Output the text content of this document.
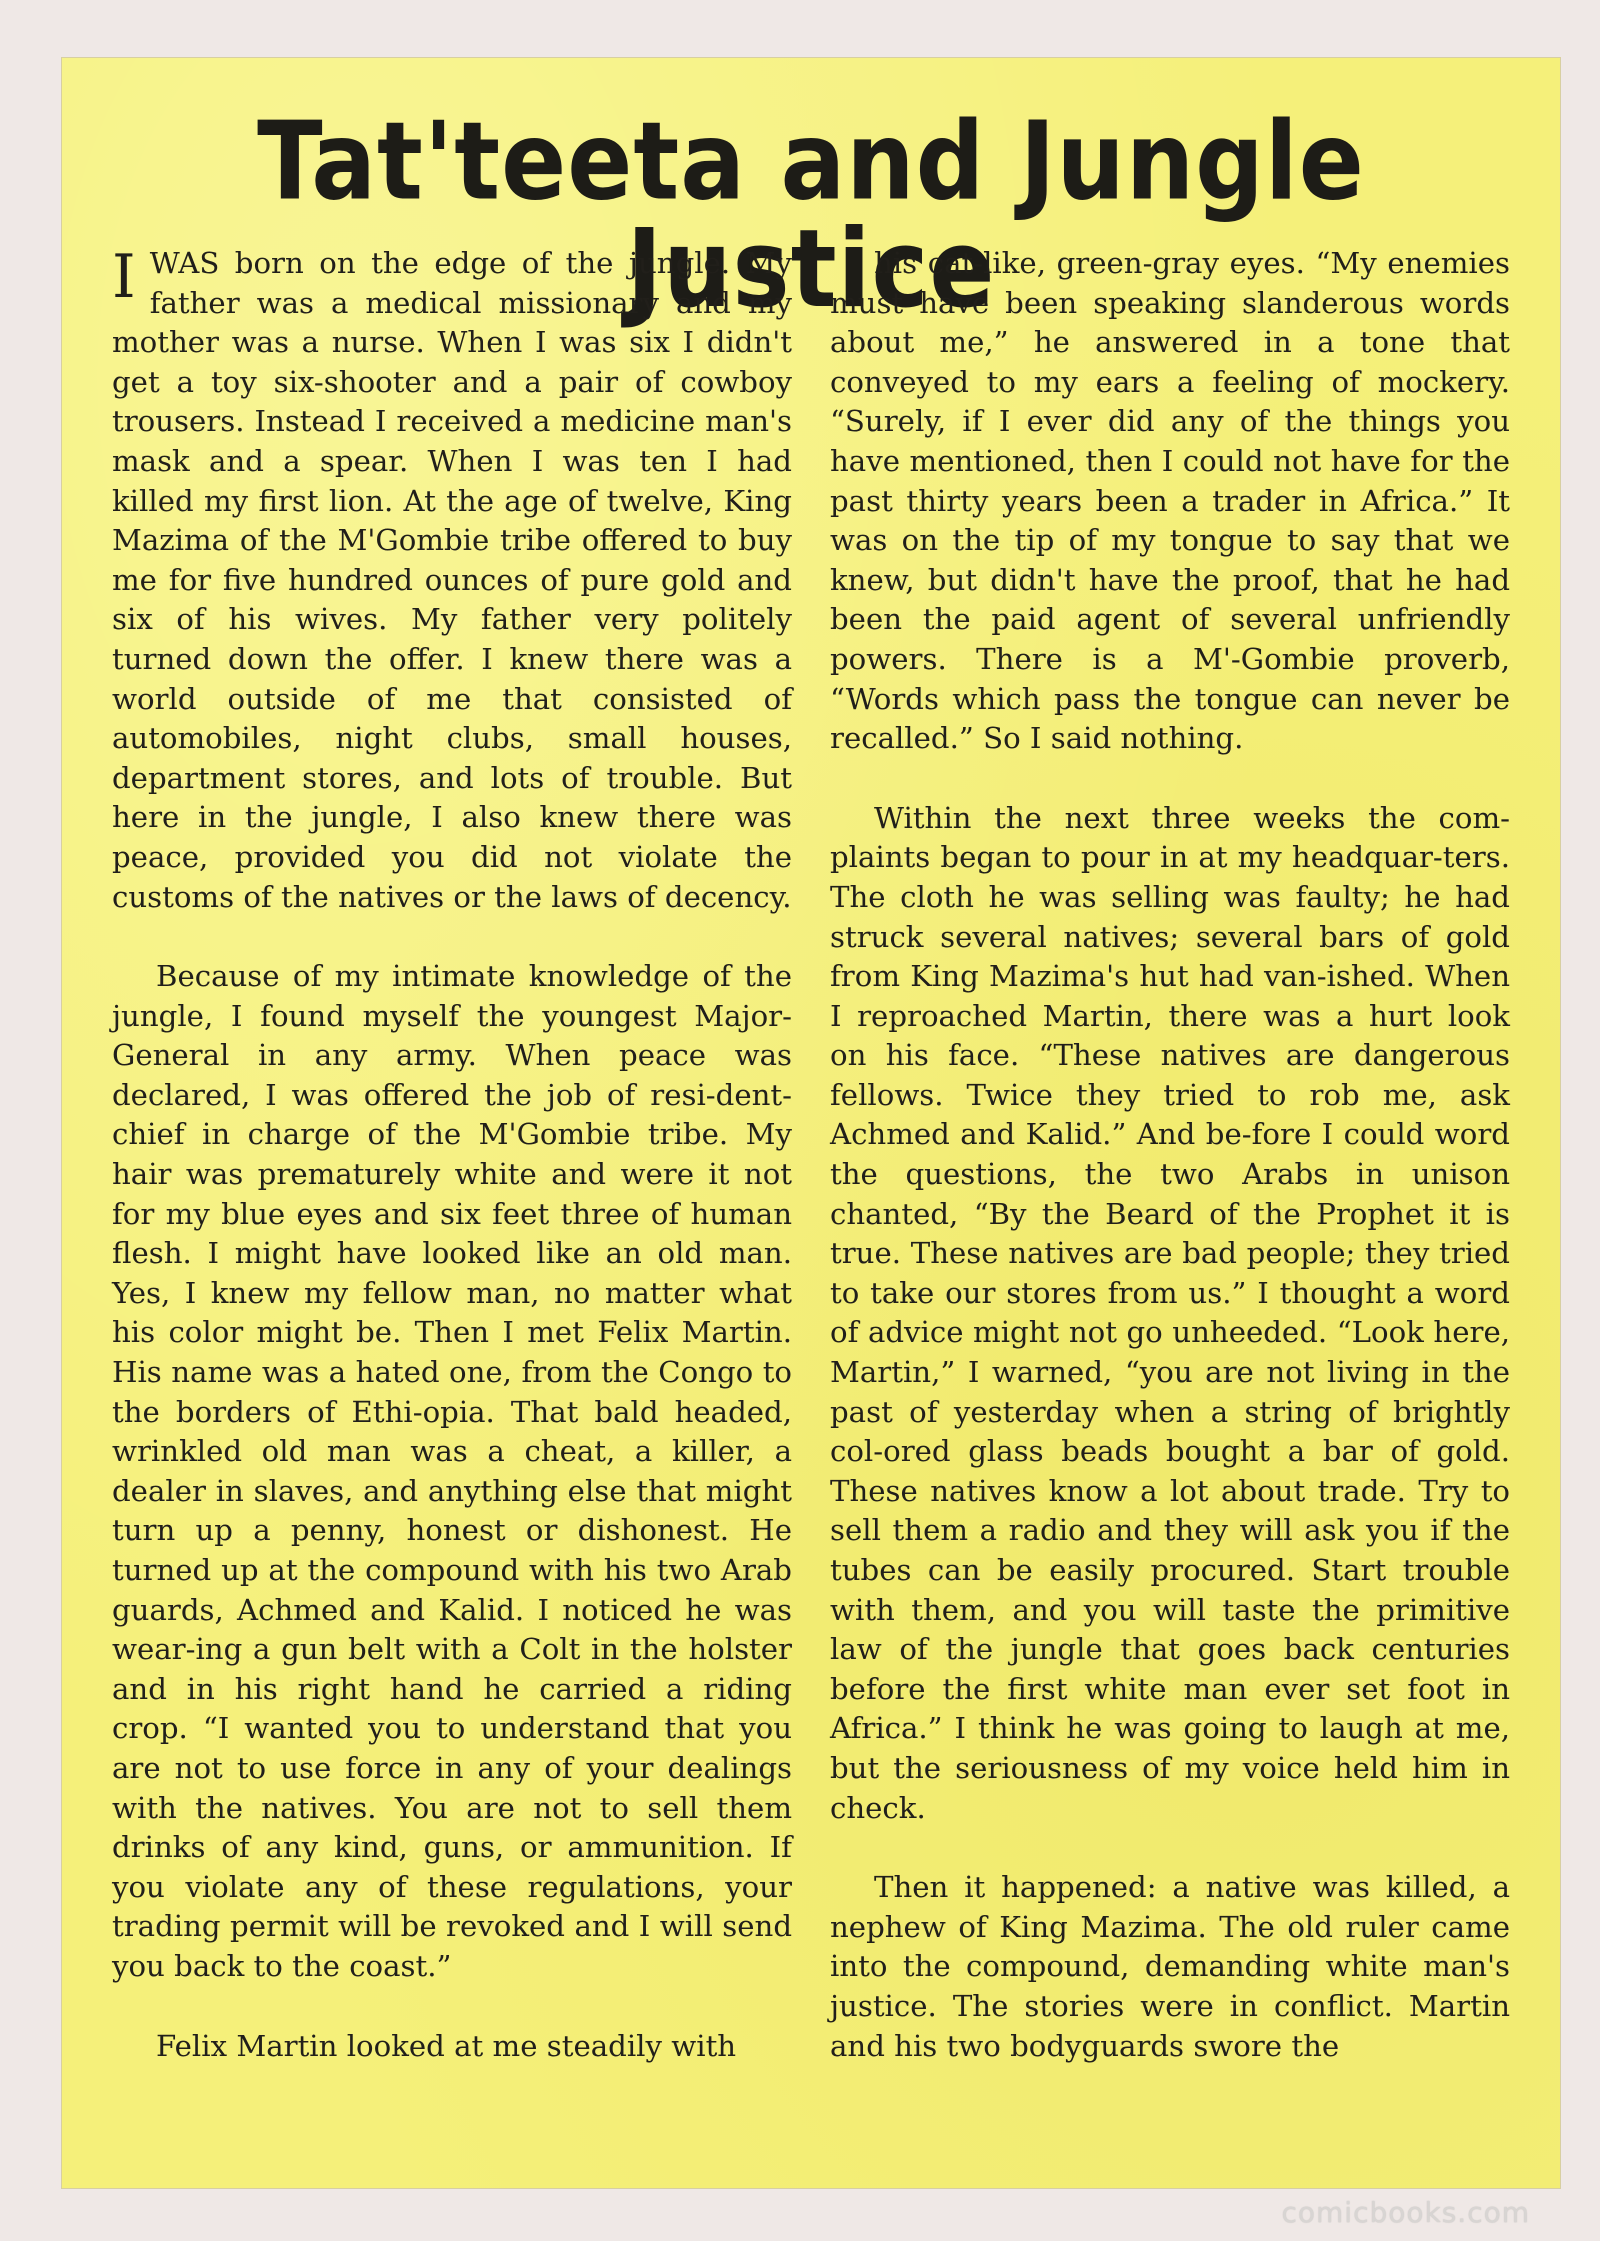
Tat'teeta and Jungle Justice

I WAS born on the edge of the jungle. My father was a medical missionary and my mother was a nurse. When I was six I didn't get a toy six-shooter and a pair of cowboy trousers. Instead I received a medicine man's mask and a spear. When I was ten I had killed my first lion. At the age of twelve, King Mazima of the M'Gombie tribe offered to buy me for five hundred ounces of pure gold and six of his wives. My father very politely turned down the offer. I knew there was a world outside of me that consisted of automobiles, night clubs, small houses, department stores, and lots of trouble. But here in the jungle, I also knew there was peace, provided you did not violate the customs of the natives or the laws of decency.

Because of my intimate knowledge of the jungle, I found myself the youngest Major-General in any army. When peace was declared, I was offered the job of resi-dent-chief in charge of the M'Gombie tribe. My hair was prematurely white and were it not for my blue eyes and six feet three of human flesh. I might have looked like an old man. Yes, I knew my fellow man, no matter what his color might be. Then I met Felix Martin. His name was a hated one, from the Congo to the borders of Ethi-opia. That bald headed, wrinkled old man was a cheat, a killer, a dealer in slaves, and anything else that might turn up a penny, honest or dishonest. He turned up at the compound with his two Arab guards, Achmed and Kalid. I noticed he was wear-ing a gun belt with a Colt in the holster and in his right hand he carried a riding crop. “I wanted you to understand that you are not to use force in any of your dealings with the natives. You are not to sell them drinks of any kind, guns, or ammunition. If you violate any of these regulations, your trading permit will be revoked and I will send you back to the coast.”

Felix Martin looked at me steadily with

his cat-like, green-gray eyes. “My enemies must have been speaking slanderous words about me,” he answered in a tone that conveyed to my ears a feeling of mockery. “Surely, if I ever did any of the things you have mentioned, then I could not have for the past thirty years been a trader in Africa.” It was on the tip of my tongue to say that we knew, but didn't have the proof, that he had been the paid agent of several unfriendly powers. There is a M'-Gombie proverb, “Words which pass the tongue can never be recalled.” So I said nothing.

Within the next three weeks the com-plaints began to pour in at my headquar-ters. The cloth he was selling was faulty; he had struck several natives; several bars of gold from King Mazima's hut had van-ished. When I reproached Martin, there was a hurt look on his face. “These natives are dangerous fellows. Twice they tried to rob me, ask Achmed and Kalid.” And be-fore I could word the questions, the two Arabs in unison chanted, “By the Beard of the Prophet it is true. These natives are bad people; they tried to take our stores from us.” I thought a word of advice might not go unheeded. “Look here, Martin,” I warned, “you are not living in the past of yesterday when a string of brightly col-ored glass beads bought a bar of gold. These natives know a lot about trade. Try to sell them a radio and they will ask you if the tubes can be easily procured. Start trouble with them, and you will taste the primitive law of the jungle that goes back centuries before the first white man ever set foot in Africa.” I think he was going to laugh at me, but the seriousness of my voice held him in check.

Then it happened: a native was killed, a nephew of King Mazima. The old ruler came into the compound, demanding white man's justice. The stories were in conflict. Martin and his two bodyguards swore the

comicbooks.com
